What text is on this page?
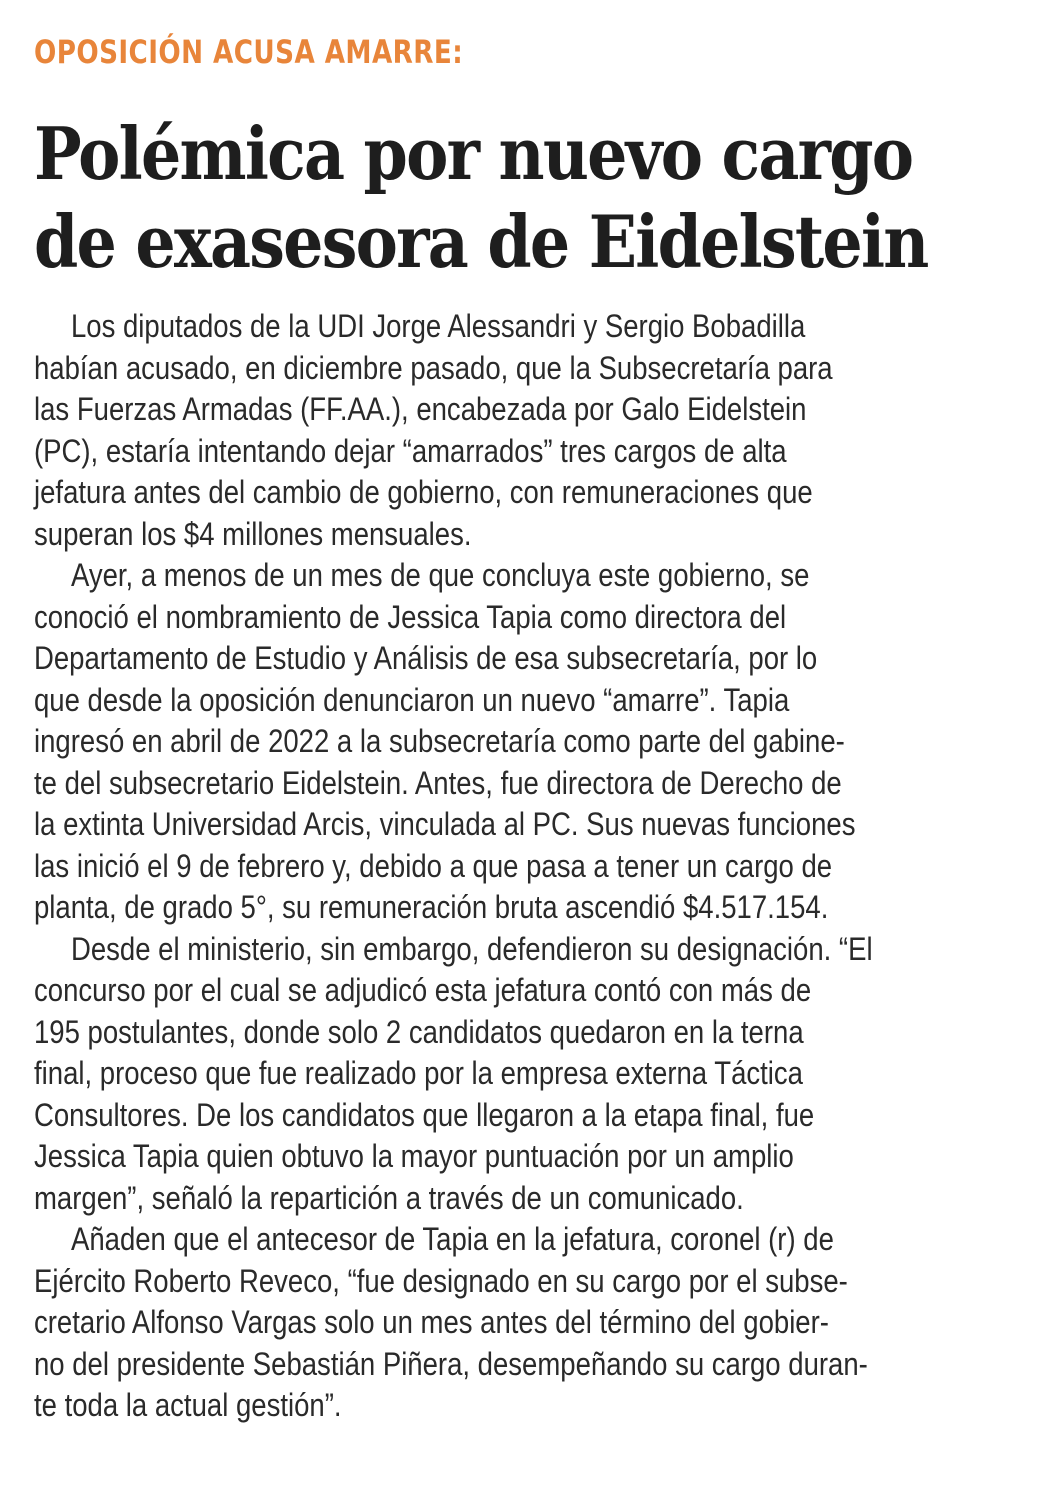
OPOSICIÓN ACUSA AMARRE:
Polémica por nuevo cargo
de exasesora de Eidelstein

Los diputados de la UDI Jorge Alessandri y Sergio Bobadilla
habían acusado, en diciembre pasado, que la Subsecretaría para
las Fuerzas Armadas (FF.AA.), encabezada por Galo Eidelstein
(PC), estaría intentando dejar “amarrados” tres cargos de alta
jefatura antes del cambio de gobierno, con remuneraciones que
superan los $4 millones mensuales.

Ayer, a menos de un mes de que concluya este gobierno, se
conoció el nombramiento de Jessica Tapia como directora del
Departamento de Estudio y Análisis de esa subsecretaría, por lo
que desde la oposición denunciaron un nuevo “amarre”. Tapia
ingresó en abril de 2022 a la subsecretaría como parte del gabine-
te del subsecretario Eidelstein. Antes, fue directora de Derecho de
la extinta Universidad Arcis, vinculada al PC. Sus nuevas funciones
las inició el 9 de febrero y, debido a que pasa a tener un cargo de
planta, de grado 5°, su remuneración bruta ascendió $4.517.154.

Desde el ministerio, sin embargo, defendieron su designación. “El
concurso por el cual se adjudicó esta jefatura contó con más de
195 postulantes, donde solo 2 candidatos quedaron en la terna
final, proceso que fue realizado por la empresa externa Táctica
Consultores. De los candidatos que llegaron a la etapa final, fue
Jessica Tapia quien obtuvo la mayor puntuación por un amplio
margen”, señaló la repartición a través de un comunicado.

Añaden que el antecesor de Tapia en la jefatura, coronel (r) de
Ejército Roberto Reveco, “fue designado en su cargo por el subse-
cretario Alfonso Vargas solo un mes antes del término del gobier-
no del presidente Sebastián Piñera, desempeñando su cargo duran-
te toda la actual gestión”.
